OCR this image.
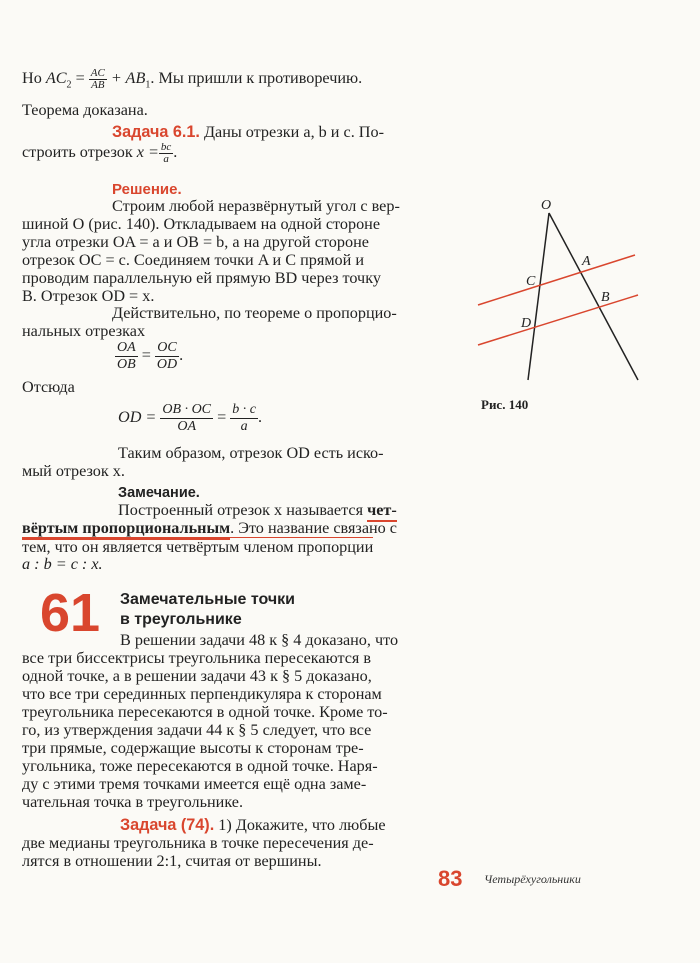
Но $AC_2 = \frac{AC}{AB} + AB_1$. Мы пришли к противоречию.
Теорема доказана.
Задача 6.1. Даны отрезки a, b и c. По-
строить отрезок $x = \frac{bc}{a}$ .
Решение.
Строим любой неразвёрнутый угол с вер-
шиной O (рис. 140). Откладываем на одной стороне
угла отрезки OA = a и OB = b, а на другой стороне
отрезок OC = c. Соединяем точки A и C прямой и
проводим параллельную ей прямую BD через точку
B. Отрезок OD = x.
Действительно, по теореме о пропорцио-
нальных отрезках
$\frac{OA}{OB} = \frac{OC}{OD}$ .
Отсюда
OD = $\frac{OB \cdot OC}{OA} = \frac{b \cdot c}{a}$ .
Таким образом, отрезок OD есть иско-
мый отрезок x.
Замечание.
Построенный отрезок x называется чет-
вёртым пропорциональным. Это название связано с
тем, что он является четвёртым членом пропорции
a : b = c : x.
61 Замечательные точки
в треугольнике
В решении задачи 48 к § 4 доказано, что
все три биссектрисы треугольника пересекаются в
одной точке, а в решении задачи 43 к § 5 доказано,
что все три серединных перпендикуляра к сторонам
треугольника пересекаются в одной точке. Кроме то-
го, из утверждения задачи 44 к § 5 следует, что все
три прямые, содержащие высоты к сторонам тре-
угольника, тоже пересекаются в одной точке. Наря-
ду с этими тремя точками имеется ещё одна заме-
чательная точка в треугольнике.
Задача (74). 1) Докажите, что любые
две медианы треугольника в точке пересечения де-
лятся в отношении 2:1, считая от вершины.
O
A
B
C
D
Рис. 140
83 Четырёхугольники
